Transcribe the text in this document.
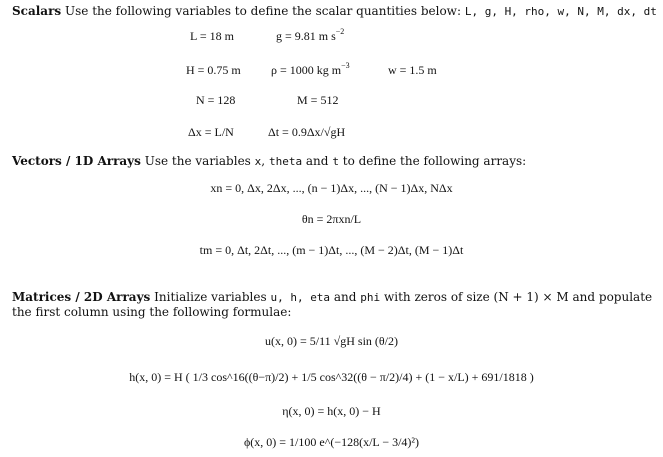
Scalars Use the following variables to define the scalar quantities below: L, g, H, rho, w, N, M, dx, dt
L = 18 m	g = 9.81 m $s^{-2}$
H = 0.75 m	ρ = 1000 kg $m^{-3}$	w = 1.5 m
N = 128	M = 512
Δx = L/N	Δt = 0.9Δx/√gH
Vectors / 1D Arrays Use the variables x, theta and t to define the following arrays:
xn = 0, Δx, 2Δx, ..., (n − 1)Δx, ..., (N − 1)Δx, NΔx
θn = 2πxn/L
tm = 0, Δt, 2Δt, ..., (m − 1)Δt, ..., (M − 2)Δt, (M − 1)Δt
Matrices / 2D Arrays Initialize variables u, h, eta and phi with zeros of size (N + 1) × M and populate
the first column using the following formulae:
u(x, 0) = 5/11 √gH sin (θ/2)
h(x, 0) = H ( 1/3 cos^16((θ−π)/2) + 1/5 cos^32((θ − π/2)/4) + (1 − x/L) + 691/1818 )
η(x, 0) = h(x, 0) − H
ϕ(x, 0) = 1/100 e^(−128(x/L − 3/4)²)
